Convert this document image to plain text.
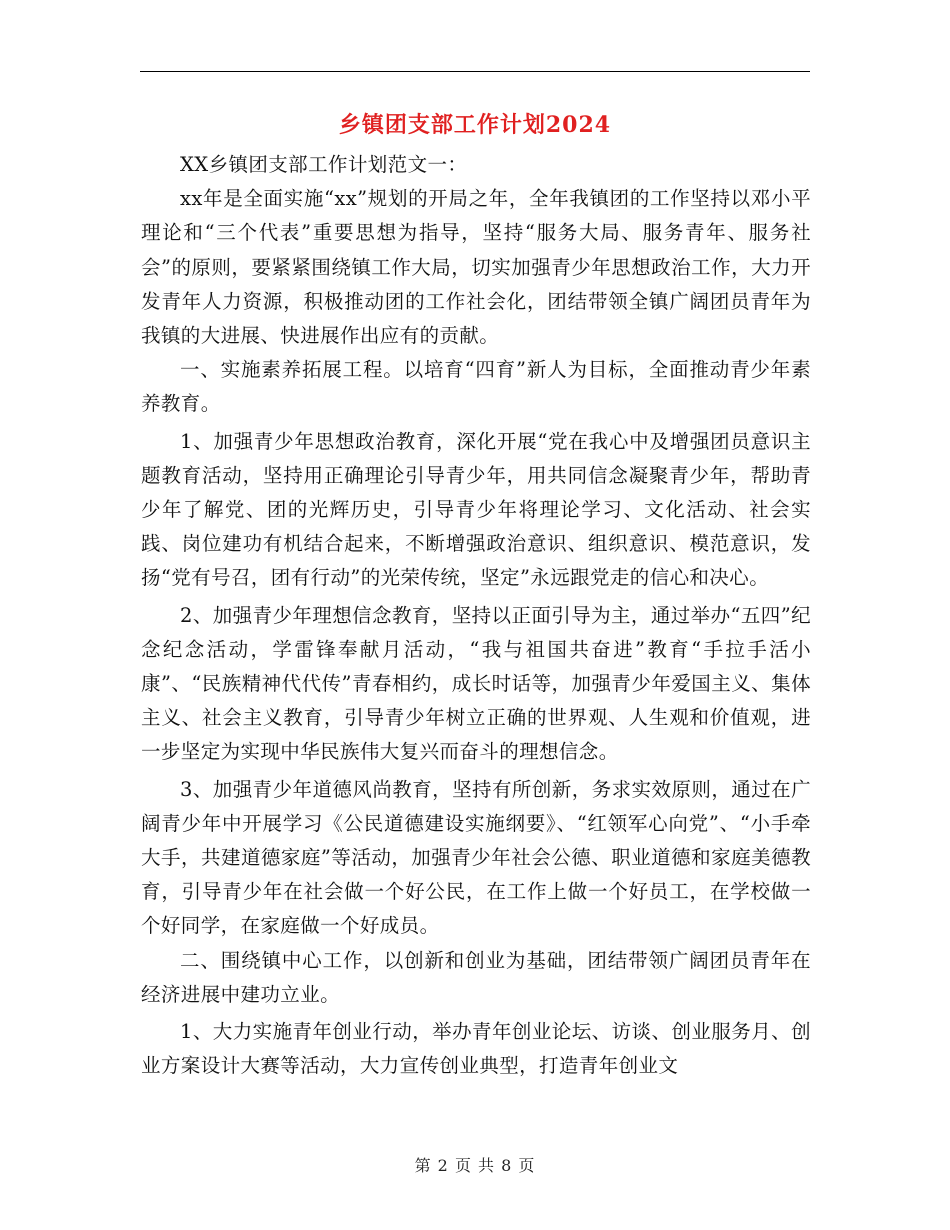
乡镇团支部工作计划2024

XX乡镇团支部工作计划范文一：

xx年是全面实施“xx”规划的开局之年，全年我镇团的工作坚持以邓小平理论和“三个代表”重要思想为指导，坚持“服务大局、服务青年、服务社会”的原则，要紧紧围绕镇工作大局，切实加强青少年思想政治工作，大力开发青年人力资源，积极推动团的工作社会化，团结带领全镇广阔团员青年为我镇的大进展、快进展作出应有的贡献。

一、实施素养拓展工程。以培育“四育”新人为目标，全面推动青少年素养教育。

1、加强青少年思想政治教育，深化开展“党在我心中及增强团员意识主题教育活动，坚持用正确理论引导青少年，用共同信念凝聚青少年，帮助青少年了解党、团的光辉历史，引导青少年将理论学习、文化活动、社会实践、岗位建功有机结合起来，不断增强政治意识、组织意识、模范意识，发扬“党有号召，团有行动”的光荣传统，坚定”永远跟党走的信心和决心。

2、加强青少年理想信念教育，坚持以正面引导为主，通过举办“五四”纪念纪念活动，学雷锋奉献月活动，“我与祖国共奋进”教育“手拉手活小康”、“民族精神代代传”青春相约，成长时话等，加强青少年爱国主义、集体主义、社会主义教育，引导青少年树立正确的世界观、人生观和价值观，进一步坚定为实现中华民族伟大复兴而奋斗的理想信念。

3、加强青少年道德风尚教育，坚持有所创新，务求实效原则，通过在广阔青少年中开展学习《公民道德建设实施纲要》、“红领军心向党”、“小手牵大手，共建道德家庭”等活动，加强青少年社会公德、职业道德和家庭美德教育，引导青少年在社会做一个好公民，在工作上做一个好员工，在学校做一个好同学，在家庭做一个好成员。

二、围绕镇中心工作，以创新和创业为基础，团结带领广阔团员青年在经济进展中建功立业。

1、大力实施青年创业行动，举办青年创业论坛、访谈、创业服务月、创业方案设计大赛等活动，大力宣传创业典型，打造青年创业文

第 2 页 共 8 页
